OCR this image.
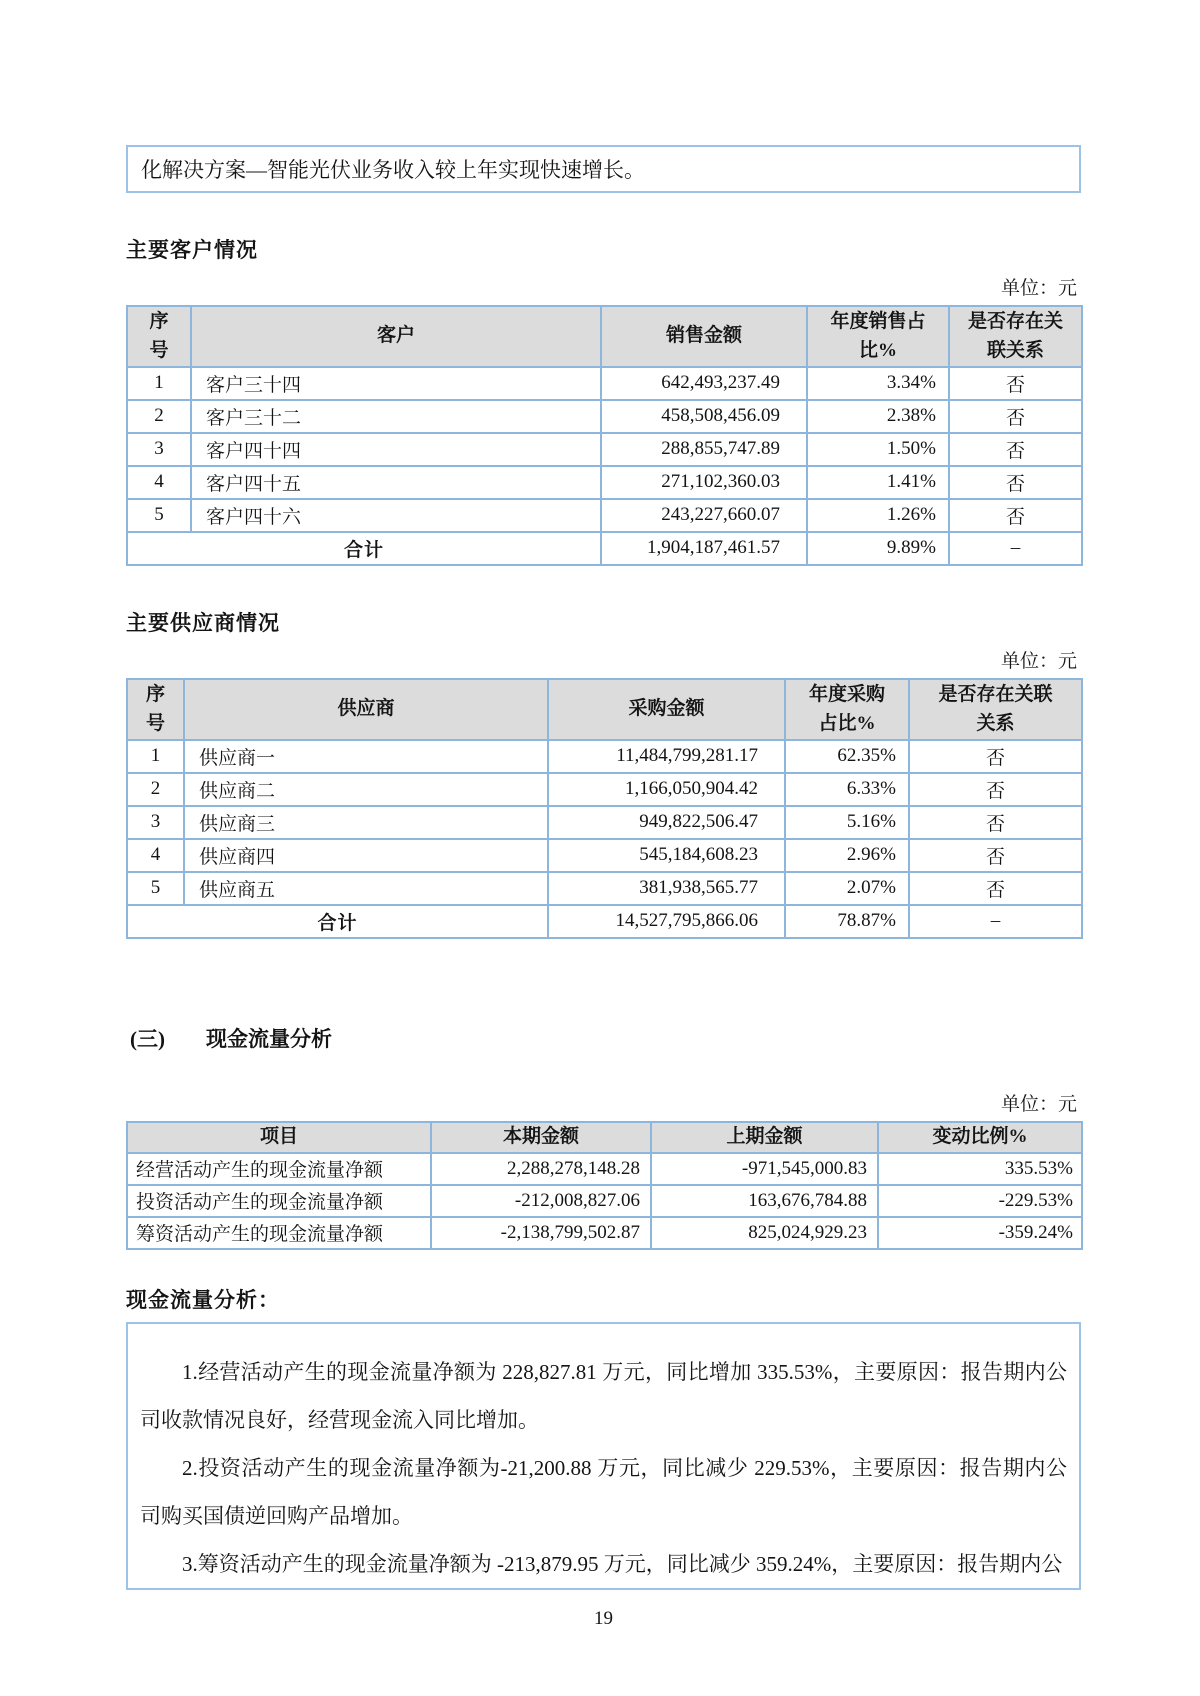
化解决方案—智能光伏业务收入较上年实现快速增长。
主要客户情况
单位：元
序号	客户	销售金额	年度销售占比%	是否存在关联关系
1	客户三十四	642,493,237.49	3.34%	否
2	客户三十二	458,508,456.09	2.38%	否
3	客户四十四	288,855,747.89	1.50%	否
4	客户四十五	271,102,360.03	1.41%	否
5	客户四十六	243,227,660.07	1.26%	否
合计		1,904,187,461.57	9.89%	–
主要供应商情况
单位：元
序号	供应商	采购金额	年度采购占比%	是否存在关联关系
1	供应商一	11,484,799,281.17	62.35%	否
2	供应商二	1,166,050,904.42	6.33%	否
3	供应商三	949,822,506.47	5.16%	否
4	供应商四	545,184,608.23	2.96%	否
5	供应商五	381,938,565.77	2.07%	否
合计		14,527,795,866.06	78.87%	–
(三) 现金流量分析
单位：元
项目	本期金额	上期金额	变动比例%
经营活动产生的现金流量净额	2,288,278,148.28	-971,545,000.83	335.53%
投资活动产生的现金流量净额	-212,008,827.06	163,676,784.88	-229.53%
筹资活动产生的现金流量净额	-2,138,799,502.87	825,024,929.23	-359.24%
现金流量分析：

1.经营活动产生的现金流量净额为 228,827.81 万元，同比增加 335.53%，主要原因：报告期内公司收款情况良好，经营现金流入同比增加。

2.投资活动产生的现金流量净额为-21,200.88 万元，同比减少 229.53%，主要原因：报告期内公司购买国债逆回购产品增加。

3.筹资活动产生的现金流量净额为 -213,879.95 万元，同比减少 359.24%，主要原因：报告期内公

19
